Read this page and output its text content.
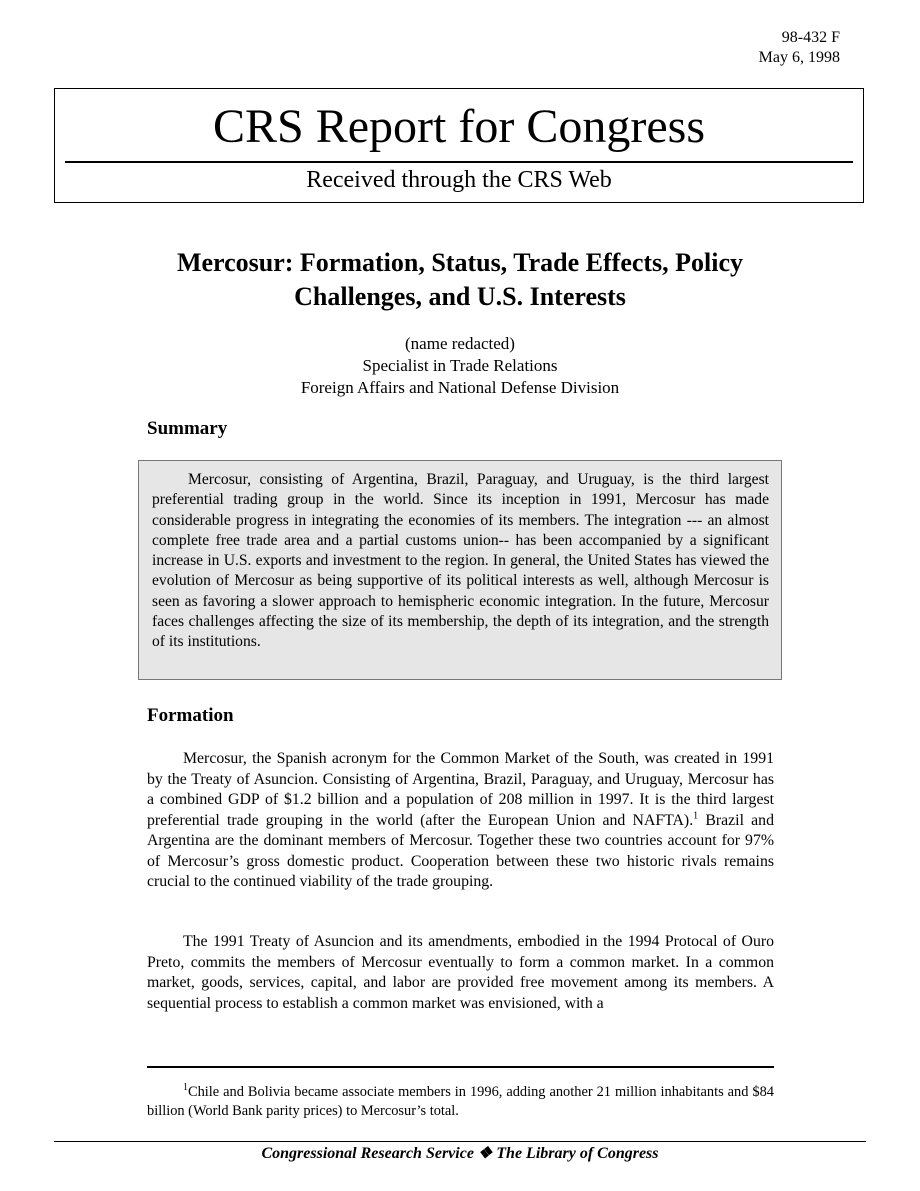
98-432 F
May 6, 1998
CRS Report for Congress
Received through the CRS Web
Mercosur: Formation, Status, Trade Effects, Policy
Challenges, and U.S. Interests
(name redacted)
Specialist in Trade Relations
Foreign Affairs and National Defense Division
Summary

Mercosur, consisting of Argentina, Brazil, Paraguay, and Uruguay, is the third largest preferential trading group in the world. Since its inception in 1991, Mercosur has made considerable progress in integrating the economies of its members. The integration --- an almost complete free trade area and a partial customs union-- has been accompanied by a significant increase in U.S. exports and investment to the region. In general, the United States has viewed the evolution of Mercosur as being supportive of its political interests as well, although Mercosur is seen as favoring a slower approach to hemispheric economic integration. In the future, Mercosur faces challenges affecting the size of its membership, the depth of its integration, and the strength of its institutions.

Formation

Mercosur, the Spanish acronym for the Common Market of the South, was created in 1991 by the Treaty of Asuncion. Consisting of Argentina, Brazil, Paraguay, and Uruguay, Mercosur has a combined GDP of $1.2 billion and a population of 208 million in 1997. It is the third largest preferential trade grouping in the world (after the European Union and NAFTA).$^1$ Brazil and Argentina are the dominant members of Mercosur. Together these two countries account for 97% of Mercosur’s gross domestic product. Cooperation between these two historic rivals remains crucial to the continued viability of the trade grouping.

The 1991 Treaty of Asuncion and its amendments, embodied in the 1994 Protocal of Ouro Preto, commits the members of Mercosur eventually to form a common market. In a common market, goods, services, capital, and labor are provided free movement among its members. A sequential process to establish a common market was envisioned, with a

$^1$Chile and Bolivia became associate members in 1996, adding another 21 million inhabitants and $84 billion (World Bank parity prices) to Mercosur’s total.

Congressional Research Service ❖ The Library of Congress
